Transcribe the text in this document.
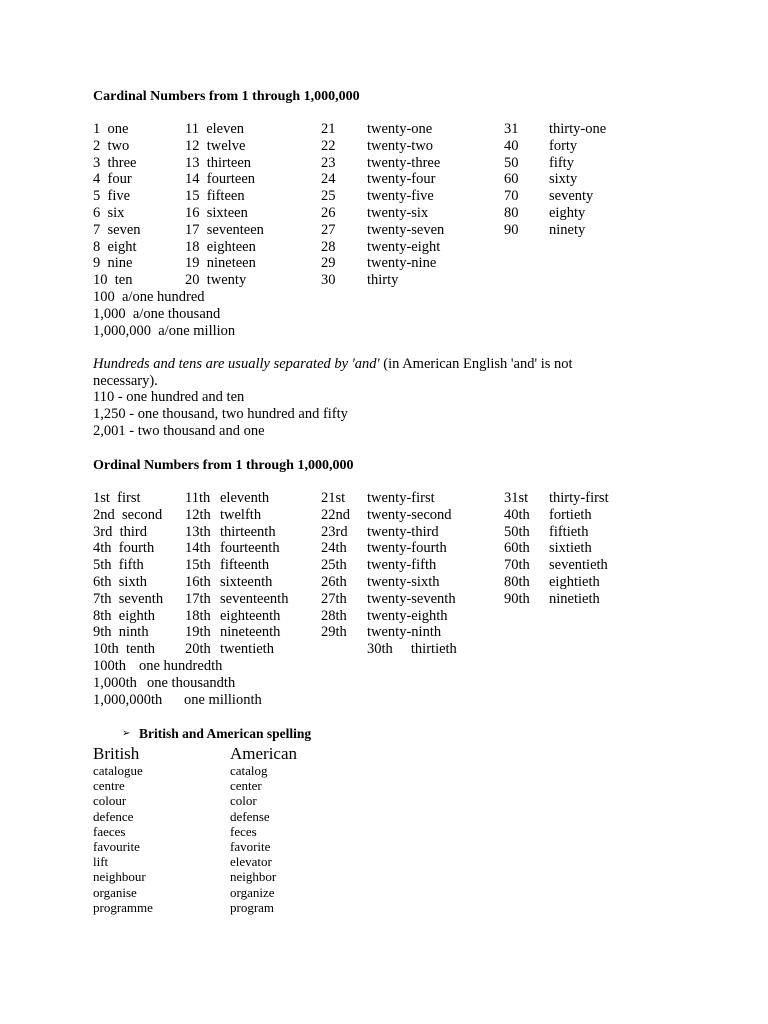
Cardinal Numbers from 1 through 1,000,000
1  one
2  two
3  three
4  four
5  five
6  six
7  seven
8  eight
9  nine
10  ten
11  eleven
12  twelve
13  thirteen
14  fourteen
15  fifteen
16  sixteen
17  seventeen
18  eighteen
19  nineteen
20  twenty
21
22
23
24
25
26
27
28
29
30
twenty-one
twenty-two
twenty-three
twenty-four
twenty-five
twenty-six
twenty-seven
twenty-eight
twenty-nine
thirty
31
40
50
60
70
80
90
thirty-one
forty
fifty
sixty
seventy
eighty
ninety
100  a/one hundred
1,000  a/one thousand
1,000,000  a/one million
Hundreds and tens are usually separated by 'and' (in American English 'and' is not
necessary).
110 - one hundred and ten
1,250 - one thousand, two hundred and fifty
2,001 - two thousand and one
Ordinal Numbers from 1 through 1,000,000
1st  first
2nd  second
3rd  third
4th  fourth
5th  fifth
6th  sixth
7th  seventh
8th  eighth
9th  ninth
10th  tenth
11th
12th
13th
14th
15th
16th
17th
18th
19th
20th
eleventh
twelfth
thirteenth
fourteenth
fifteenth
sixteenth
seventeenth
eighteenth
nineteenth
twentieth
21st
22nd
23rd
24th
25th
26th
27th
28th
29th
twenty-first
twenty-second
twenty-third
twenty-fourth
twenty-fifth
twenty-sixth
twenty-seventh
twenty-eighth
twenty-ninth
30th     thirtieth
31st
40th
50th
60th
70th
80th
90th
thirty-first
fortieth
fiftieth
sixtieth
seventieth
eightieth
ninetieth
100th
1,000th
1,000,000th
one hundredth
one thousandth
one millionth
➢ British and American spelling
British	American
catalogue
centre
colour
defence
faeces
favourite
lift
neighbour
organise
programme
catalog
center
color
defense
feces
favorite
elevator
neighbor
organize
program
